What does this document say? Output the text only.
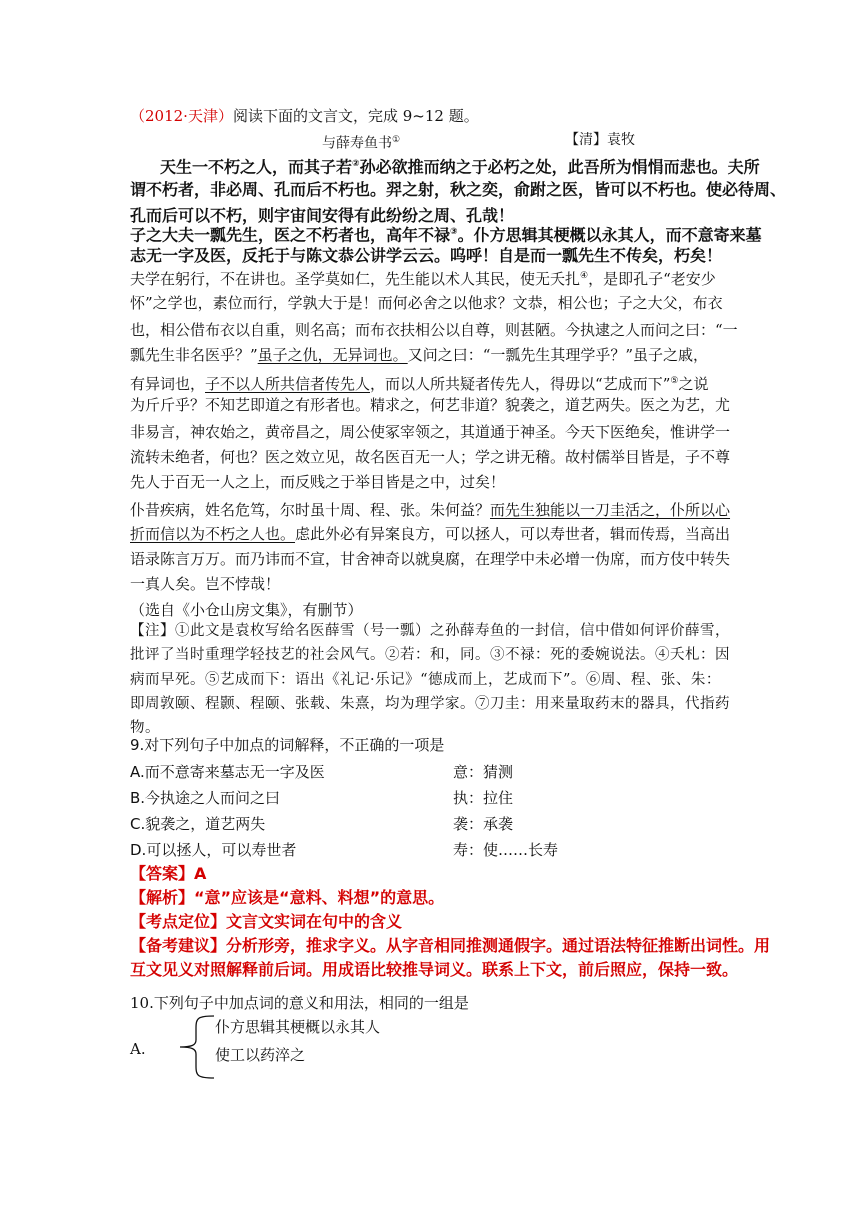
（2012·天津）阅读下面的文言文，完成 9~12 题。
与薛寿鱼书①	【清】袁牧
天生一不朽之人，而其子若②孙必欲推而纳之于必朽之处，此吾所为悁悁而悲也。夫所
谓不朽者，非必周、孔而后不朽也。羿之射，秋之奕，俞跗之医，皆可以不朽也。使必待周、
孔而后可以不朽，则宇宙间安得有此纷纷之周、孔哉！
子之大夫一瓢先生，医之不朽者也，高年不禄③。仆方思辑其梗概以永其人，而不意寄来墓
志无一字及医，反托于与陈文恭公讲学云云。呜呼！自是而一瓢先生不传矣，朽矣！
夫学在躬行，不在讲也。圣学莫如仁，先生能以术人其民，使无夭扎④，是即孔子“老安少
怀”之学也，素位而行，学孰大于是！而何必舍之以他求？文恭，相公也；子之大父，布衣
也，相公借布衣以自重，则名高；而布衣扶相公以自尊，则甚陋。今执逮之人而问之曰：“一
瓢先生非名医乎？”虽子之仇，无异词也。又问之曰：“一瓢先生其理学乎？”虽子之戚，
有异词也，子不以人所共信者传先人，而以人所共疑者传先人，得毋以“艺成而下”⑤之说
为斤斤乎？不知艺即道之有形者也。精求之，何艺非道？貌袭之，道艺两失。医之为艺，尤
非易言，神农始之，黄帝昌之，周公使冢宰领之，其道通于神圣。今天下医绝矣，惟讲学一
流转未绝者，何也？医之效立见，故名医百无一人；学之讲无稽。故村儒举目皆是，子不尊
先人于百无一人之上，而反贱之于举目皆是之中，过矣！
仆昔疾病，姓名危笃，尔时虽十周、程、张。朱何益？而先生独能以一刀圭活之，仆所以心
折而信以为不朽之人也。虑此外必有异案良方，可以拯人，可以寿世者，辑而传焉，当高出
语录陈言万万。而乃讳而不宣，甘舍神奇以就臭腐，在理学中未必增一伪席，而方伎中转失
一真人矣。岂不悖哉！
（选自《小仓山房文集》，有删节）
【注】①此文是袁枚写给名医薛雪（号一瓢）之孙薛寿鱼的一封信，信中借如何评价薛雪，
批评了当时重理学轻技艺的社会风气。②若：和，同。③不禄：死的委婉说法。④夭札：因
病而早死。⑤艺成而下：语出《礼记·乐记》“德成而上，艺成而下”。⑥周、程、张、朱：
即周敦颐、程颢、程颐、张载、朱熹，均为理学家。⑦刀圭：用来量取药末的器具，代指药
物。
9.对下列句子中加点的词解释，不正确的一项是
A.而不意寄来墓志无一字及医	意：猜测
B.今执途之人而问之曰	执：拉住
C.貌袭之，道艺两失	袭：承袭
D.可以拯人，可以寿世者	寿：使……长寿
【答案】A
【解析】“意”应该是“意料、料想”的意思。
【考点定位】文言文实词在句中的含义
【备考建议】分析形旁，推求字义。从字音相同推测通假字。通过语法特征推断出词性。用
互文见义对照解释前后词。用成语比较推导词义。联系上下文，前后照应，保持一致。
10.下列句子中加点词的意义和用法，相同的一组是
仆方思辑其梗概以永其人
A.	使工以药淬之
